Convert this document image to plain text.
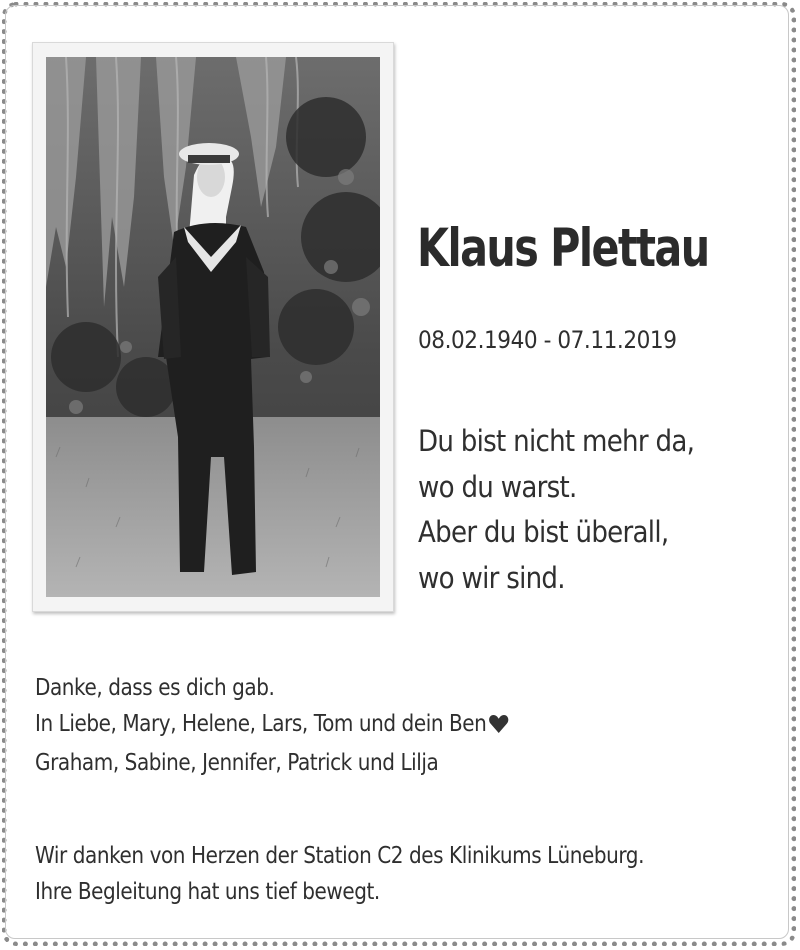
Klaus Plettau
08.02.1940 - 07.11.2019
Du bist nicht mehr da,
wo du warst.
Aber du bist überall,
wo wir sind.
Danke, dass es dich gab.
In Liebe, Mary, Helene, Lars, Tom und dein Ben
Graham, Sabine, Jennifer, Patrick und Lilja
Wir danken von Herzen der Station C2 des Klinikums Lüneburg.
Ihre Begleitung hat uns tief bewegt.
